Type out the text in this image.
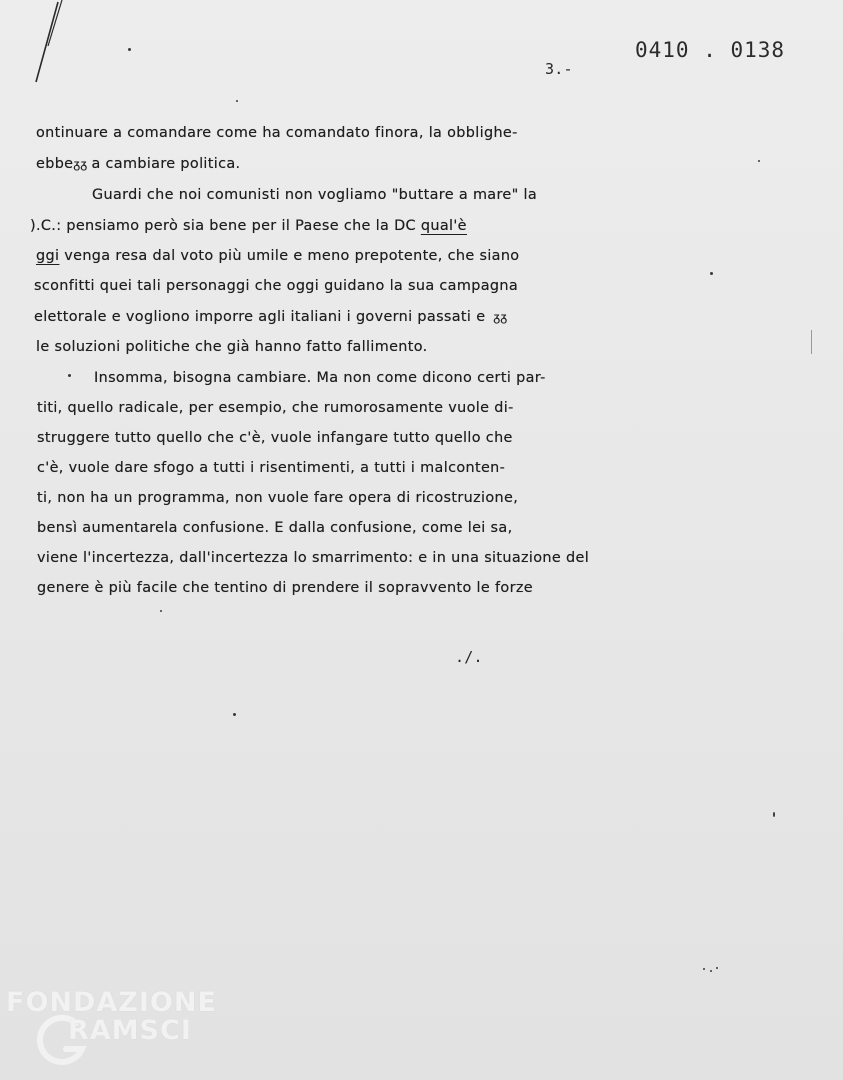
0410 . 0138
3.-
ontinuare a comandare come ha comandato finora, la obblighe-
ebbeᵹᵹ a cambiare politica.
Guardi che noi comunisti non vogliamo "buttare a mare" la
).C.: pensiamo però sia bene per il Paese che la DC qual'è
ggi venga resa dal voto più umile e meno prepotente, che siano
sconfitti quei tali personaggi che oggi guidano la sua campagna
elettorale e vogliono imporre agli italiani i governi passati e ᵹᵹ
le soluzioni politiche che già hanno fatto fallimento.
Insomma, bisogna cambiare. Ma non come dicono certi par-
titi, quello radicale, per esempio, che rumorosamente vuole di-
struggere tutto quello che c'è, vuole infangare tutto quello che
c'è, vuole dare sfogo a tutti i risentimenti, a tutti i malconten-
ti, non ha un programma, non vuole fare opera di ricostruzione,
bensì aumentarela confusione. E dalla confusione, come lei sa,
viene l'incertezza, dall'incertezza lo smarrimento: e in una situazione del
genere è più facile che tentino di prendere il sopravvento le forze
./.
FONDAZIONE
RAMSCI
